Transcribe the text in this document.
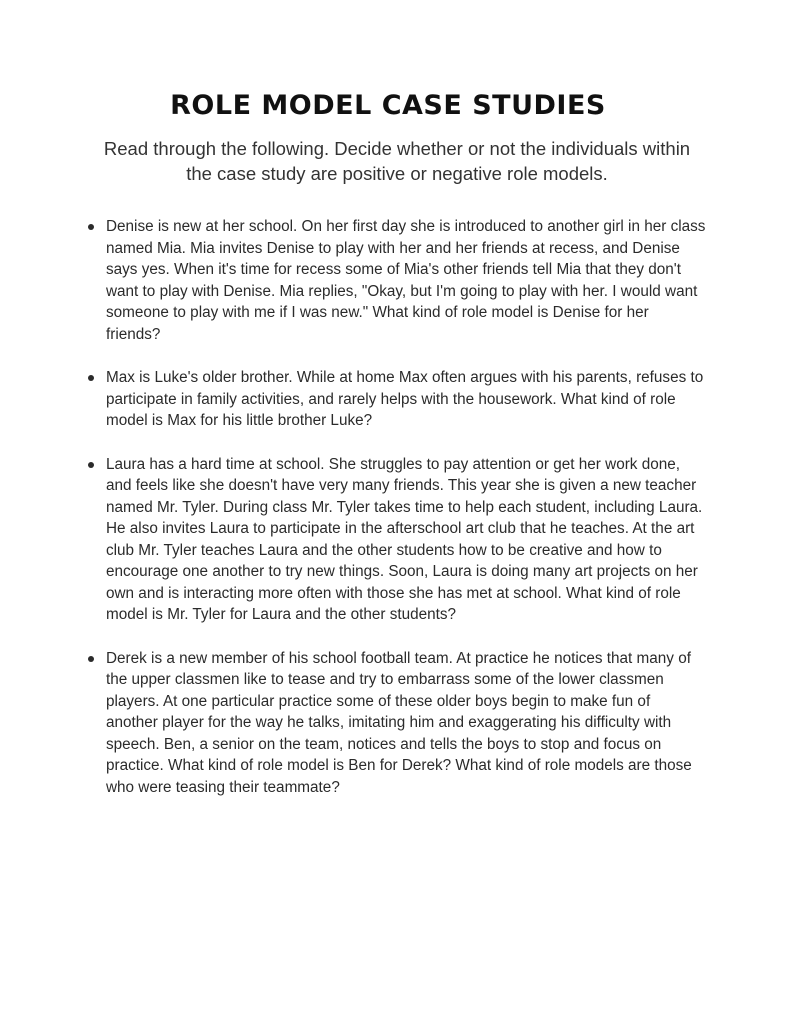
ROLE MODEL CASE STUDIES
Read through the following. Decide whether or not the individuals within the case study are positive or negative role models.
Denise is new at her school. On her first day she is introduced to another girl in her class named Mia. Mia invites Denise to play with her and her friends at recess, and Denise says yes. When it's time for recess some of Mia's other friends tell Mia that they don't want to play with Denise. Mia replies, "Okay, but I'm going to play with her. I would want someone to play with me if I was new." What kind of role model is Denise for her friends?
Max is Luke's older brother. While at home Max often argues with his parents, refuses to participate in family activities, and rarely helps with the housework. What kind of role model is Max for his little brother Luke?
Laura has a hard time at school. She struggles to pay attention or get her work done, and feels like she doesn't have very many friends. This year she is given a new teacher named Mr. Tyler. During class Mr. Tyler takes time to help each student, including Laura. He also invites Laura to participate in the afterschool art club that he teaches. At the art club Mr. Tyler teaches Laura and the other students how to be creative and how to encourage one another to try new things. Soon, Laura is doing many art projects on her own and is interacting more often with those she has met at school. What kind of role model is Mr. Tyler for Laura and the other students?
Derek is a new member of his school football team. At practice he notices that many of the upper classmen like to tease and try to embarrass some of the lower classmen players. At one particular practice some of these older boys begin to make fun of another player for the way he talks, imitating him and exaggerating his difficulty with speech. Ben, a senior on the team, notices and tells the boys to stop and focus on practice. What kind of role model is Ben for Derek? What kind of role models are those who were teasing their teammate?
